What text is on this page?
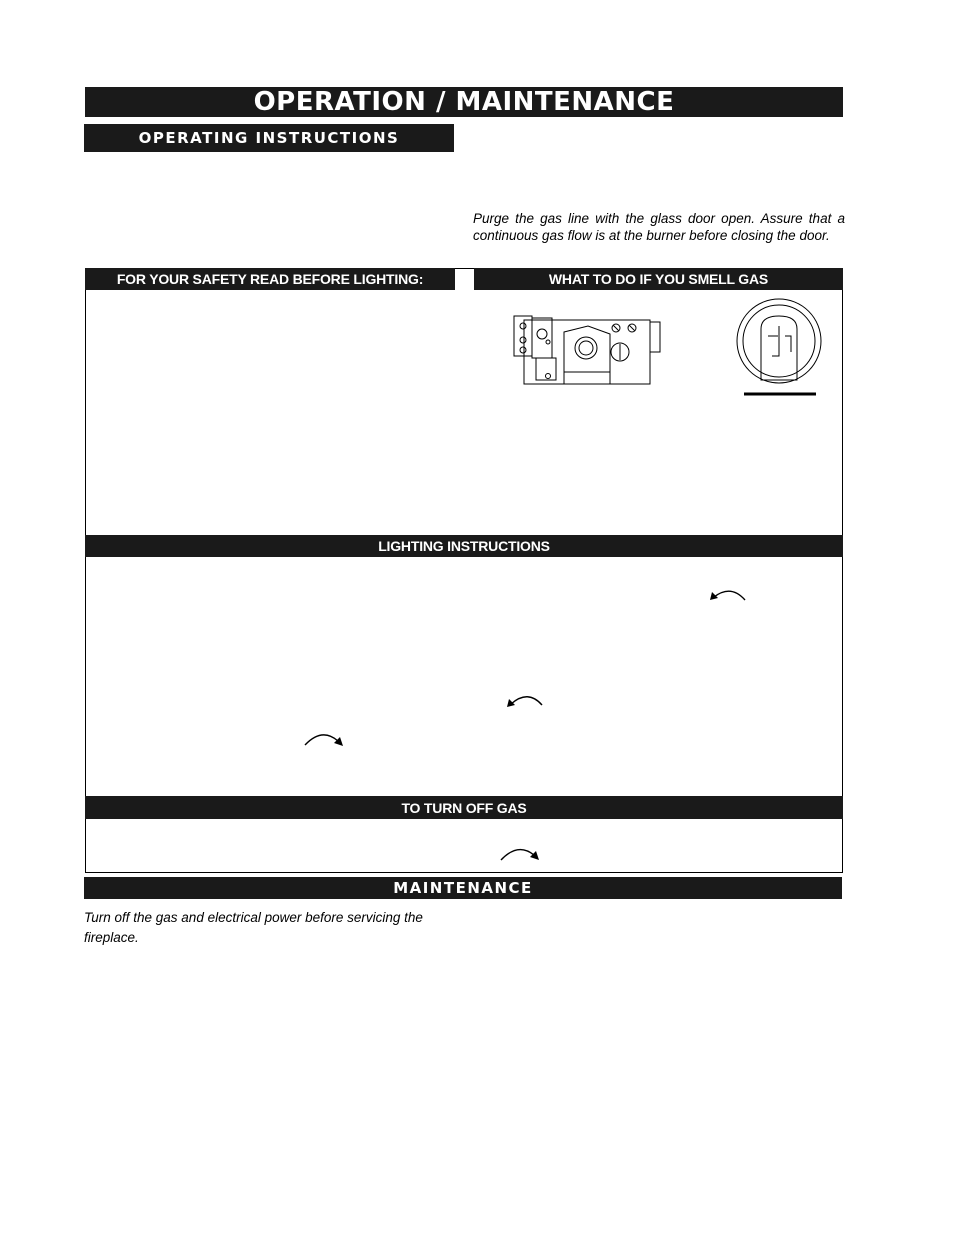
OPERATION / MAINTENANCE
OPERATING INSTRUCTIONS

Purge the gas line with the glass door open. Assure that a continuous gas flow is at the burner before closing the door.

FOR YOUR SAFETY READ BEFORE LIGHTING:	WHAT TO DO IF YOU SMELL GAS
LIGHTING INSTRUCTIONS
TO TURN OFF GAS
MAINTENANCE

Turn off the gas and electrical power before servicing the fireplace.
